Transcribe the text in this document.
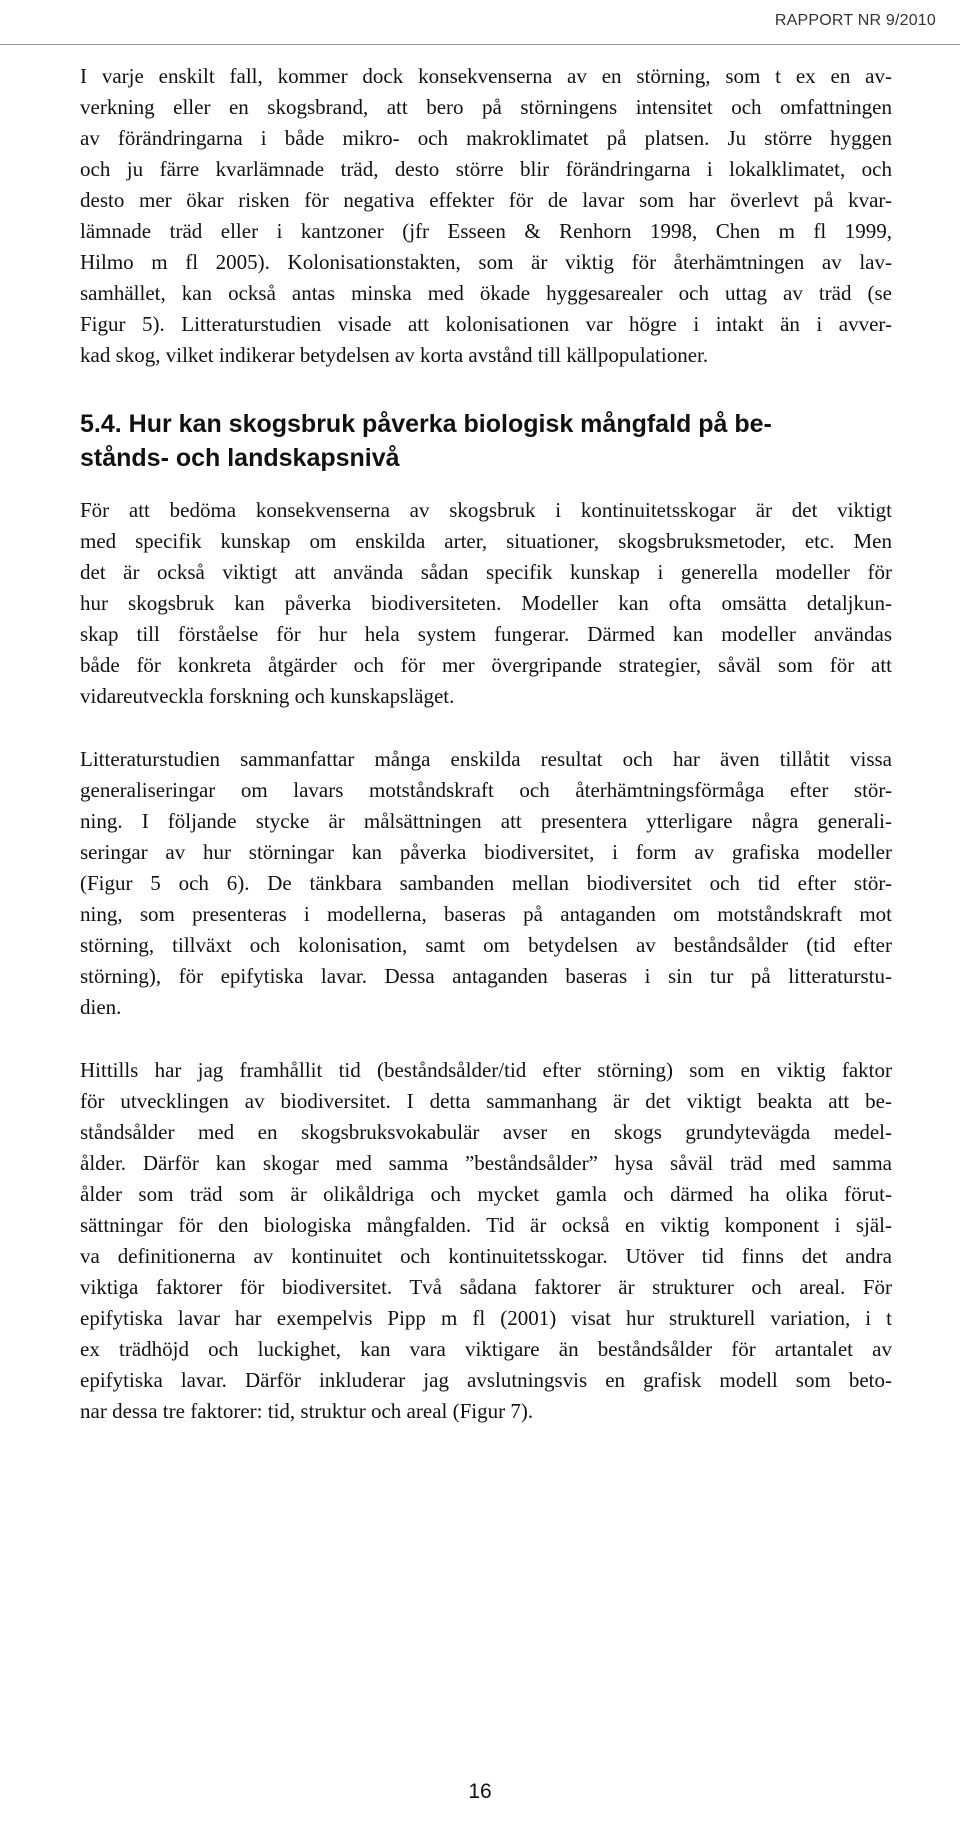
RAPPORT NR 9/2010

I varje enskilt fall, kommer dock konsekvenserna av en störning, som t ex en av-
verkning eller en skogsbrand, att bero på störningens intensitet och omfattningen
av förändringarna i både mikro- och makroklimatet på platsen. Ju större hyggen
och ju färre kvarlämnade träd, desto större blir förändringarna i lokalklimatet, och
desto mer ökar risken för negativa effekter för de lavar som har överlevt på kvar-
lämnade träd eller i kantzoner (jfr Esseen & Renhorn 1998, Chen m fl 1999,
Hilmo m fl 2005). Kolonisationstakten, som är viktig för återhämtningen av lav-
samhället, kan också antas minska med ökade hyggesarealer och uttag av träd (se
Figur 5). Litteraturstudien visade att kolonisationen var högre i intakt än i avver-
kad skog, vilket indikerar betydelsen av korta avstånd till källpopulationer.

5.4. Hur kan skogsbruk påverka biologisk mångfald på be-
stånds- och landskapsnivå

För att bedöma konsekvenserna av skogsbruk i kontinuitetsskogar är det viktigt
med specifik kunskap om enskilda arter, situationer, skogsbruksmetoder, etc. Men
det är också viktigt att använda sådan specifik kunskap i generella modeller för
hur skogsbruk kan påverka biodiversiteten. Modeller kan ofta omsätta detaljkun-
skap till förståelse för hur hela system fungerar. Därmed kan modeller användas
både för konkreta åtgärder och för mer övergripande strategier, såväl som för att
vidareutveckla forskning och kunskapsläget.

Litteraturstudien sammanfattar många enskilda resultat och har även tillåtit vissa
generaliseringar om lavars motståndskraft och återhämtningsförmåga efter stör-
ning. I följande stycke är målsättningen att presentera ytterligare några generali-
seringar av hur störningar kan påverka biodiversitet, i form av grafiska modeller
(Figur 5 och 6). De tänkbara sambanden mellan biodiversitet och tid efter stör-
ning, som presenteras i modellerna, baseras på antaganden om motståndskraft mot
störning, tillväxt och kolonisation, samt om betydelsen av beståndsålder (tid efter
störning), för epifytiska lavar. Dessa antaganden baseras i sin tur på litteraturstu-
dien.

Hittills har jag framhållit tid (beståndsålder/tid efter störning) som en viktig faktor
för utvecklingen av biodiversitet. I detta sammanhang är det viktigt beakta att be-
ståndsålder med en skogsbruksvokabulär avser en skogs grundytevägda medel-
ålder. Därför kan skogar med samma ”beståndsålder” hysa såväl träd med samma
ålder som träd som är olikåldriga och mycket gamla och därmed ha olika förut-
sättningar för den biologiska mångfalden. Tid är också en viktig komponent i själ-
va definitionerna av kontinuitet och kontinuitetsskogar. Utöver tid finns det andra
viktiga faktorer för biodiversitet. Två sådana faktorer är strukturer och areal. För
epifytiska lavar har exempelvis Pipp m fl (2001) visat hur strukturell variation, i t
ex trädhöjd och luckighet, kan vara viktigare än beståndsålder för artantalet av
epifytiska lavar. Därför inkluderar jag avslutningsvis en grafisk modell som beto-
nar dessa tre faktorer: tid, struktur och areal (Figur 7).

16
